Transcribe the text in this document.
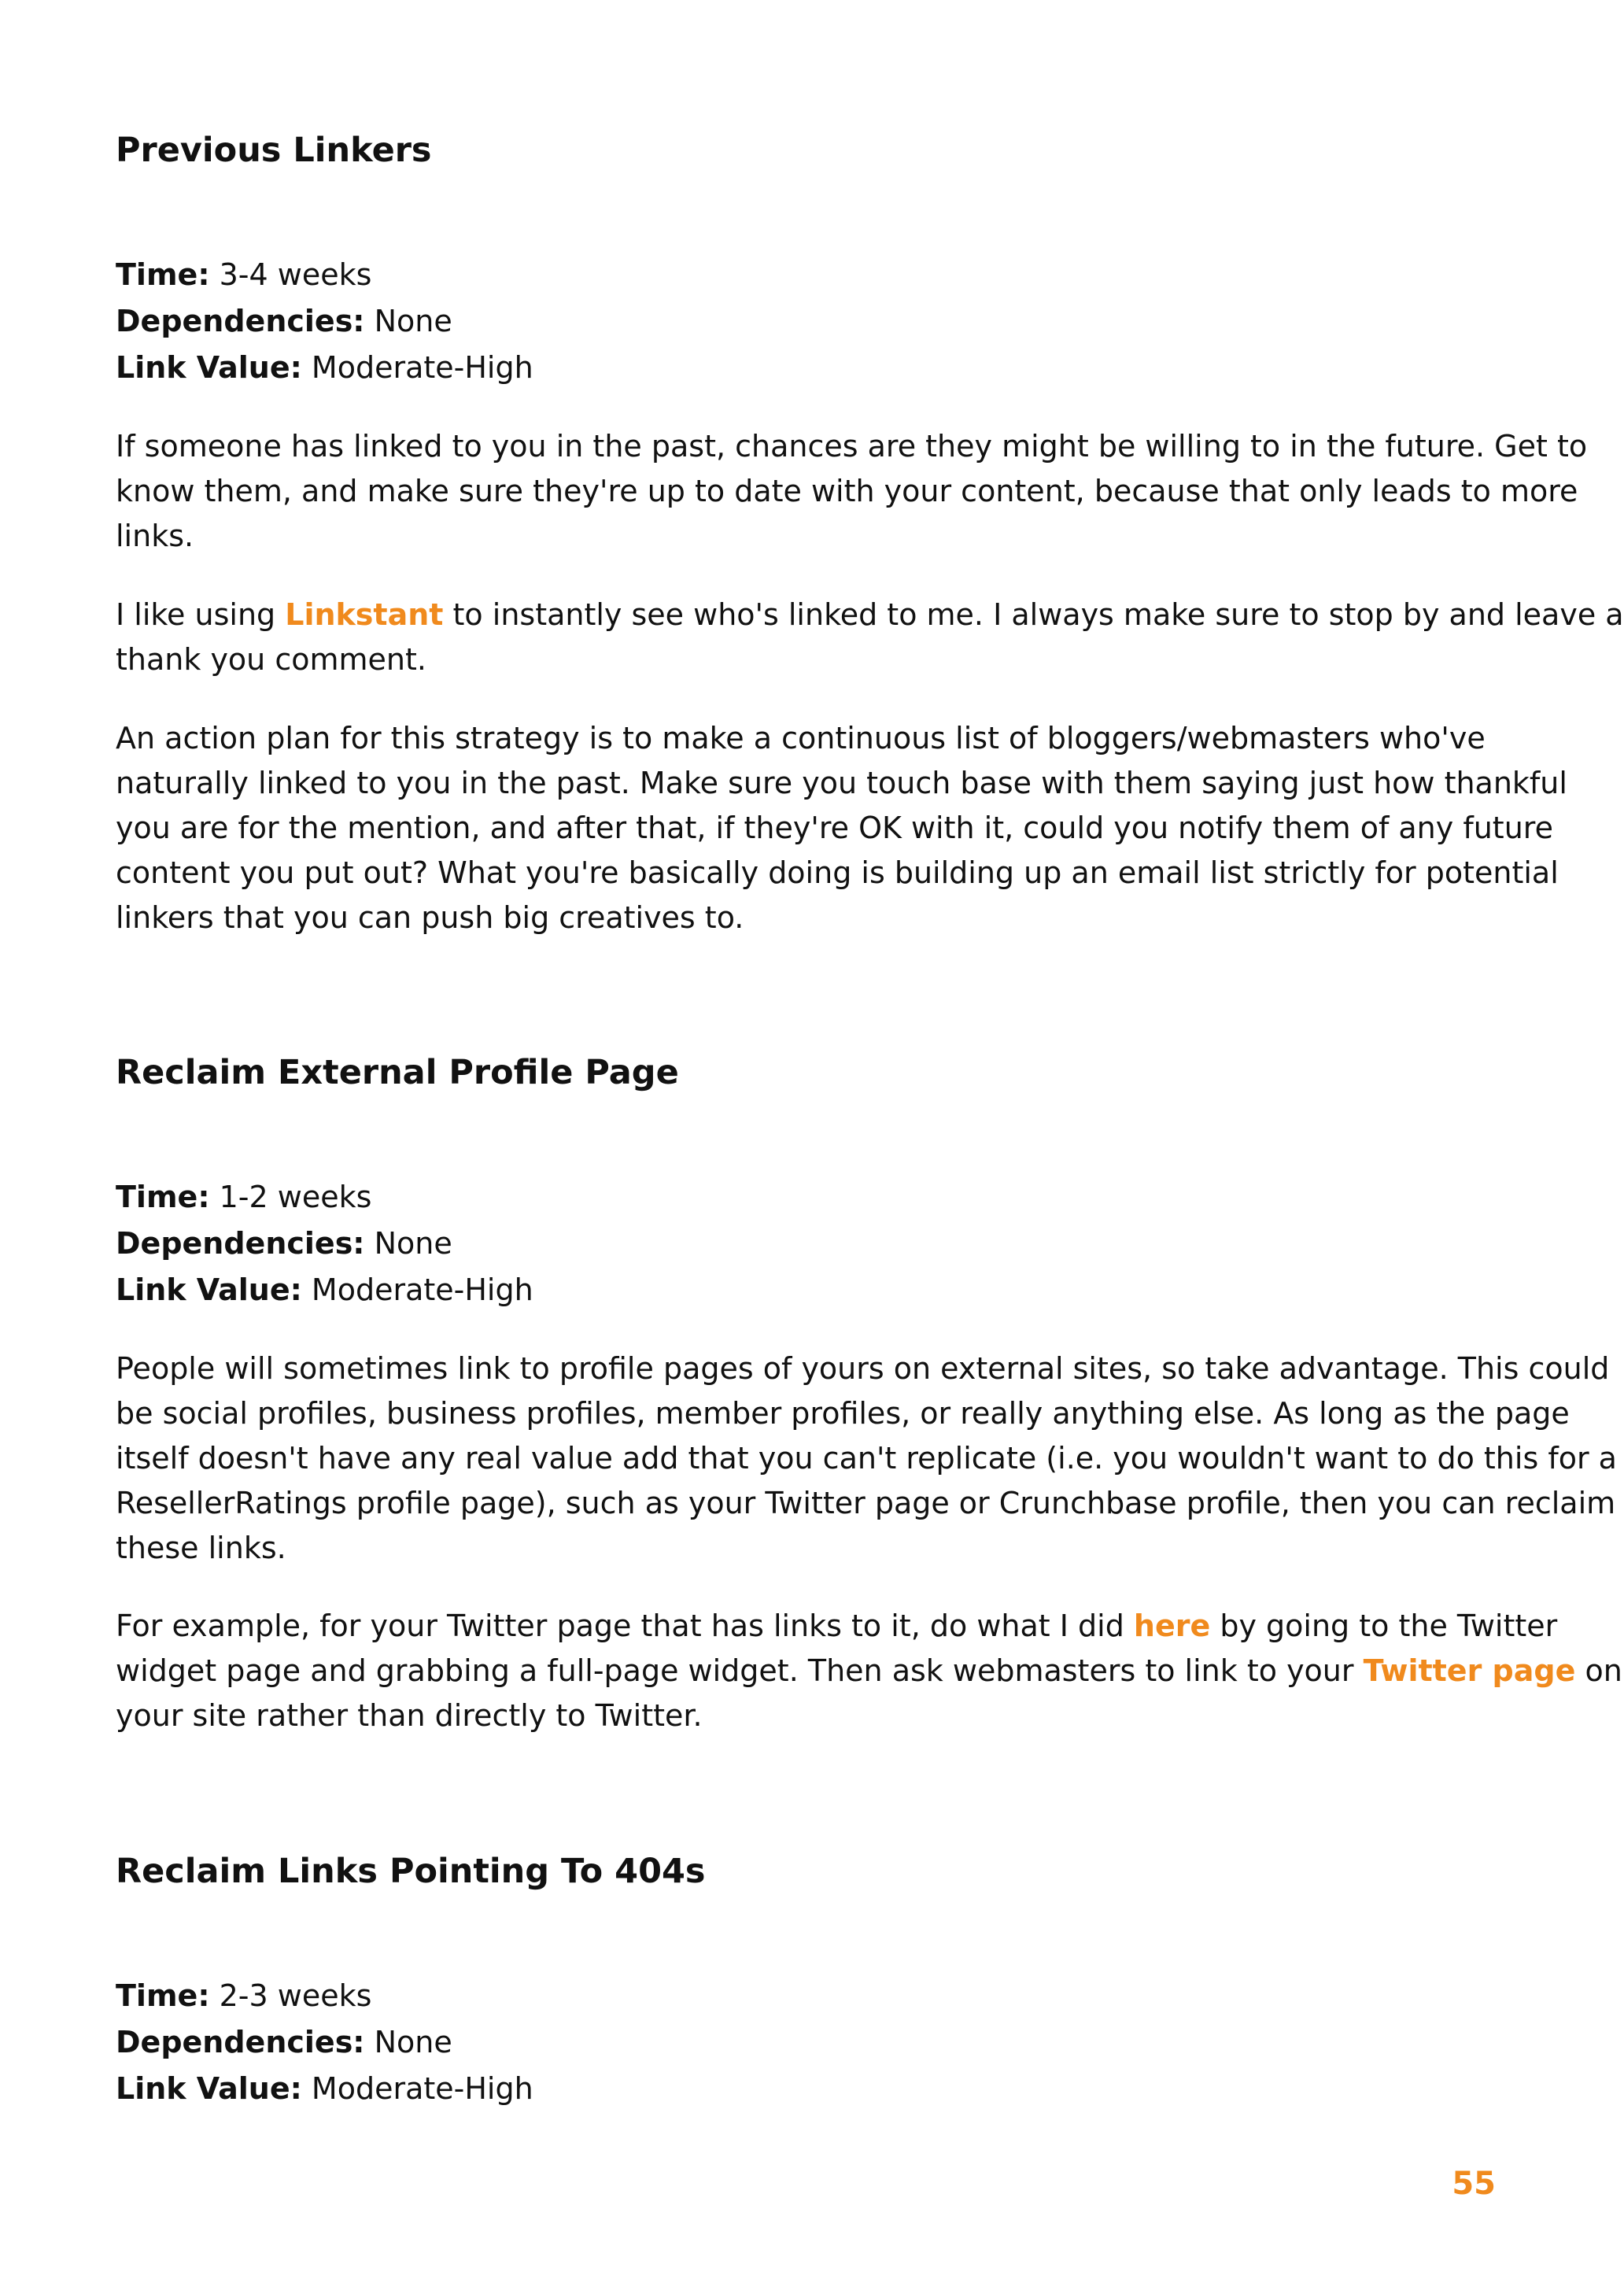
Previous Linkers
Time: 3-4 weeks
Dependencies: None
Link Value: Moderate-High
If someone has linked to you in the past, chances are they might be willing to in the future. Get to
know them, and make sure they're up to date with your content, because that only leads to more
links.
I like using Linkstant to instantly see who's linked to me. I always make sure to stop by and leave a
thank you comment.
An action plan for this strategy is to make a continuous list of bloggers/webmasters who've
naturally linked to you in the past. Make sure you touch base with them saying just how thankful
you are for the mention, and after that, if they're OK with it, could you notify them of any future
content you put out? What you're basically doing is building up an email list strictly for potential
linkers that you can push big creatives to.
Reclaim External Profile Page
Time: 1-2 weeks
Dependencies: None
Link Value: Moderate-High
People will sometimes link to profile pages of yours on external sites, so take advantage. This could
be social profiles, business profiles, member profiles, or really anything else. As long as the page
itself doesn't have any real value add that you can't replicate (i.e. you wouldn't want to do this for a
ResellerRatings profile page), such as your Twitter page or Crunchbase profile, then you can reclaim
these links.
For example, for your Twitter page that has links to it, do what I did here by going to the Twitter
widget page and grabbing a full-page widget. Then ask webmasters to link to your Twitter page on
your site rather than directly to Twitter.
Reclaim Links Pointing To 404s
Time: 2-3 weeks
Dependencies: None
Link Value: Moderate-High
55
